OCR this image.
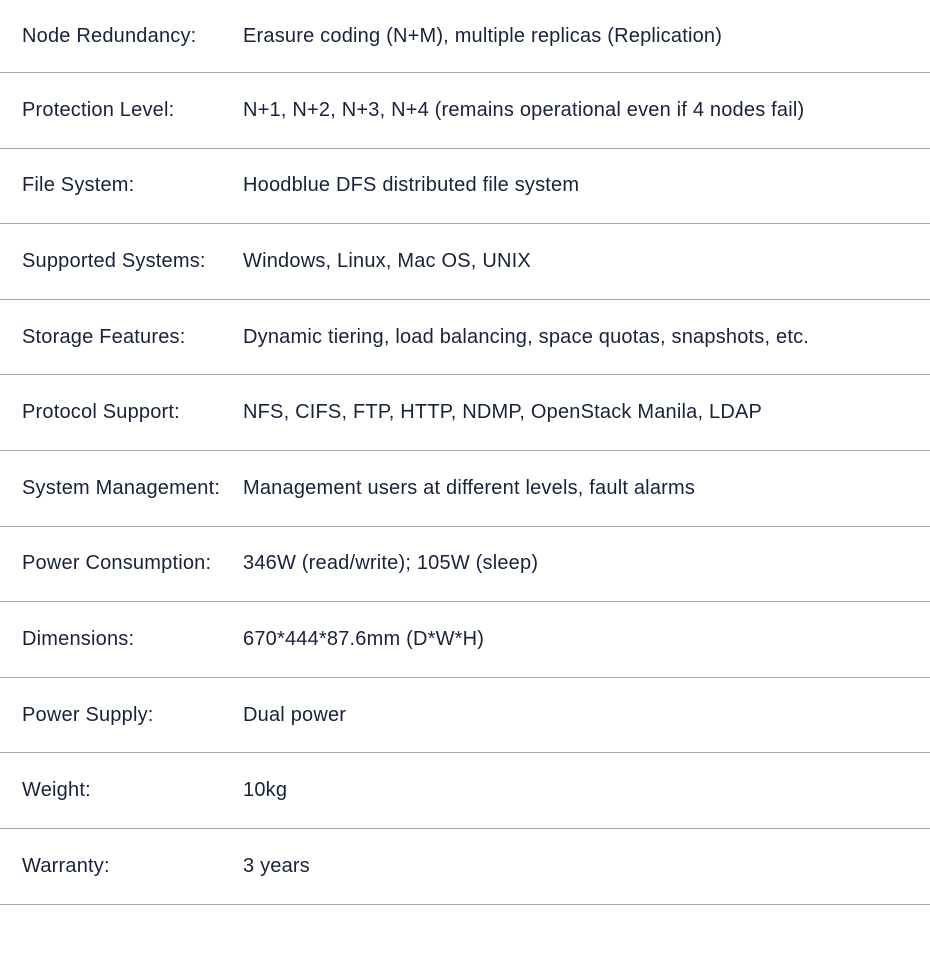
Node Redundancy:	Erasure coding (N+M), multiple replicas (Replication)
Protection Level:	N+1, N+2, N+3, N+4 (remains operational even if 4 nodes fail)
File System:	Hoodblue DFS distributed file system
Supported Systems:	Windows, Linux, Mac OS, UNIX
Storage Features:	Dynamic tiering, load balancing, space quotas, snapshots, etc.
Protocol Support:	NFS, CIFS, FTP, HTTP, NDMP, OpenStack Manila, LDAP
System Management:	Management users at different levels, fault alarms
Power Consumption:	346W (read/write); 105W (sleep)
Dimensions:	670*444*87.6mm (D*W*H)
Power Supply:	Dual power
Weight:	10kg
Warranty:	3 years
